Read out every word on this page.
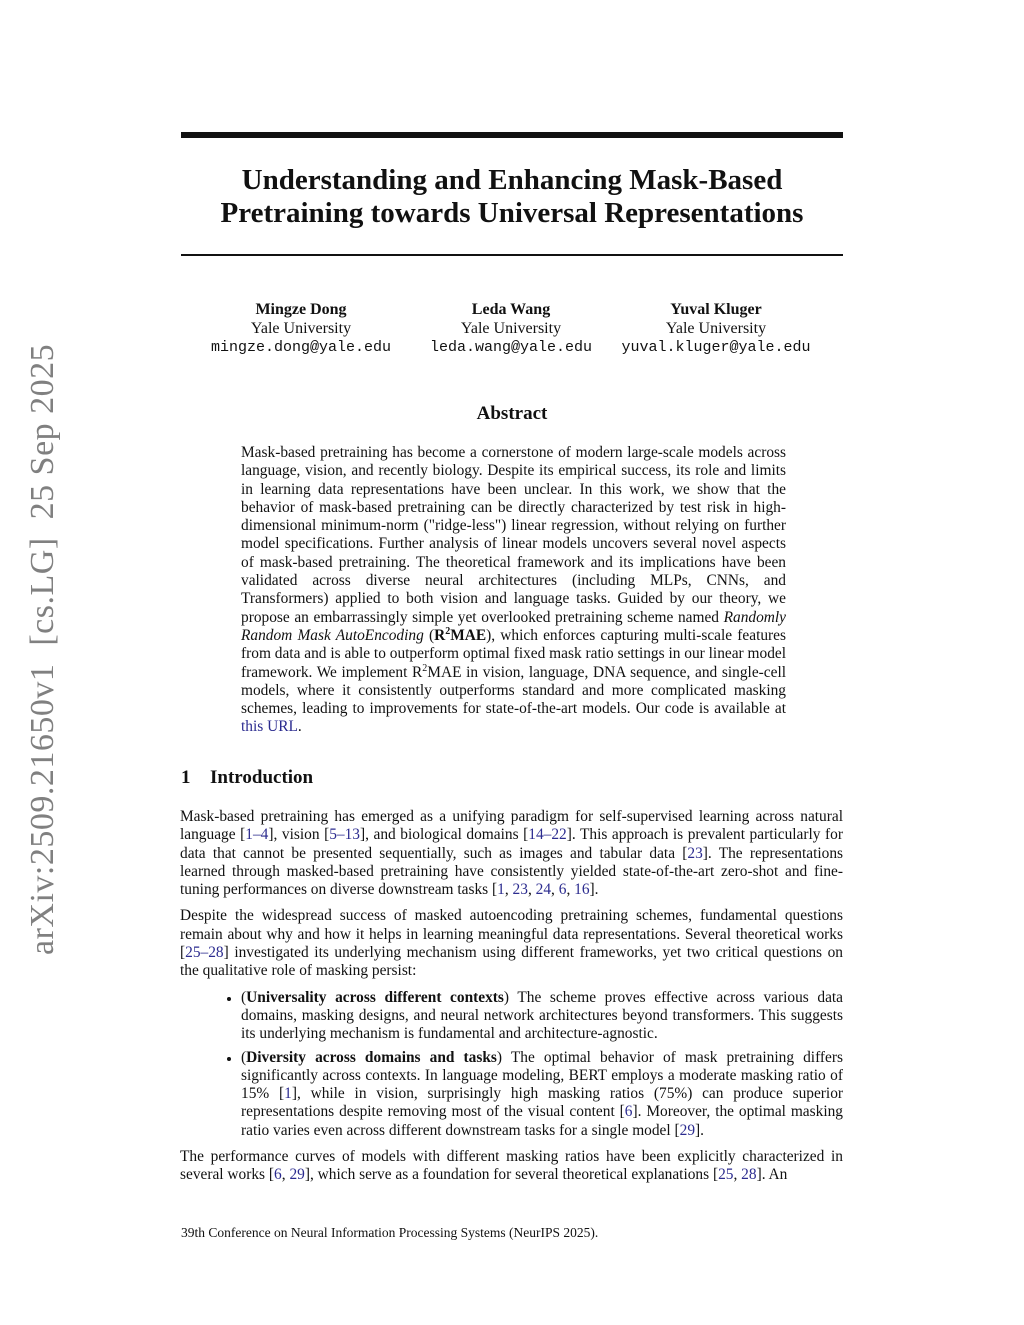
arXiv:2509.21650v1  [cs.LG]  25 Sep 2025
Understanding and Enhancing Mask-Based
Pretraining towards Universal Representations
Mingze Dong
Yale University
mingze.dong@yale.edu
Leda Wang
Yale University
leda.wang@yale.edu
Yuval Kluger
Yale University
yuval.kluger@yale.edu
Abstract
Mask-based pretraining has become a cornerstone of modern large-scale models across language, vision, and recently biology. Despite its empirical success, its role and limits in learning data representations have been unclear. In this work, we show that the behavior of mask-based pretraining can be directly characterized by test risk in high-dimensional minimum-norm ("ridge-less") linear regression, without relying on further model specifications. Further analysis of linear models uncovers several novel aspects of mask-based pretraining. The theoretical framework and its implications have been validated across diverse neural architectures (including MLPs, CNNs, and Transformers) applied to both vision and language tasks. Guided by our theory, we propose an embarrassingly simple yet overlooked pretraining scheme named Randomly Random Mask AutoEncoding $(R^2MAE)$, which enforces capturing multi-scale features from data and is able to outperform optimal fixed mask ratio settings in our linear model framework. We implement $R^2MAE$ in vision, language, DNA sequence, and single-cell models, where it consistently outperforms standard and more complicated masking schemes, leading to improvements for state-of-the-art models. Our code is available at this URL.
1 Introduction

Mask-based pretraining has emerged as a unifying paradigm for self-supervised learning across natural language [1–4], vision [5–13], and biological domains [14–22]. This approach is prevalent particularly for data that cannot be presented sequentially, such as images and tabular data [23]. The representations learned through masked-based pretraining have consistently yielded state-of-the-art zero-shot and fine-tuning performances on diverse downstream tasks [1, 23, 24, 6, 16].

Despite the widespread success of masked autoencoding pretraining schemes, fundamental questions remain about why and how it helps in learning meaningful data representations. Several theoretical works [25–28] investigated its underlying mechanism using different frameworks, yet two critical questions on the qualitative role of masking persist:

• (Universality across different contexts) The scheme proves effective across various data domains, masking designs, and neural network architectures beyond transformers. This suggests its underlying mechanism is fundamental and architecture-agnostic.
• (Diversity across domains and tasks) The optimal behavior of mask pretraining differs significantly across contexts. In language modeling, BERT employs a moderate masking ratio of 15% [1], while in vision, surprisingly high masking ratios (75%) can produce superior representations despite removing most of the visual content [6]. Moreover, the optimal masking ratio varies even across different downstream tasks for a single model [29].

The performance curves of models with different masking ratios have been explicitly characterized in several works [6, 29], which serve as a foundation for several theoretical explanations [25, 28]. An

39th Conference on Neural Information Processing Systems (NeurIPS 2025).
